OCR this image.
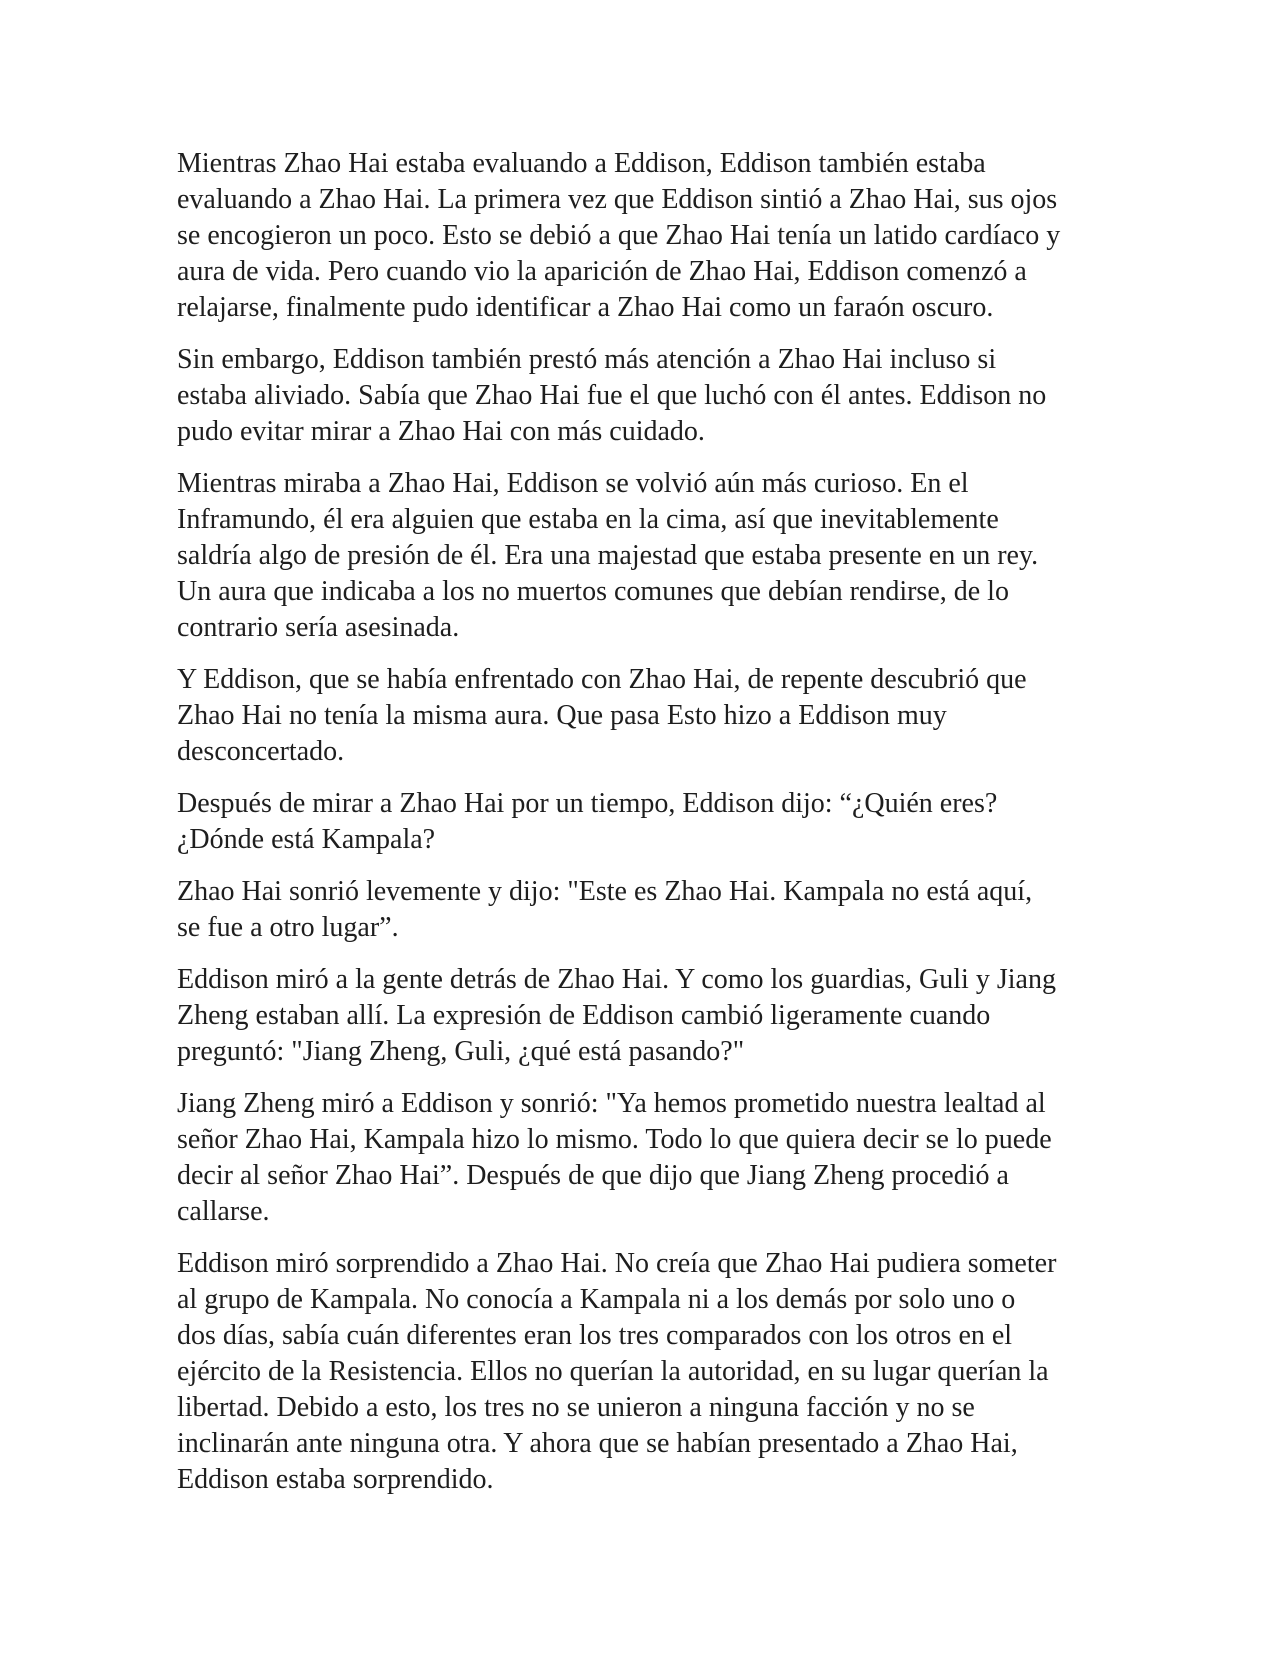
Mientras Zhao Hai estaba evaluando a Eddison, Eddison también estaba
evaluando a Zhao Hai. La primera vez que Eddison sintió a Zhao Hai, sus ojos
se encogieron un poco. Esto se debió a que Zhao Hai tenía un latido cardíaco y
aura de vida. Pero cuando vio la aparición de Zhao Hai, Eddison comenzó a
relajarse, finalmente pudo identificar a Zhao Hai como un faraón oscuro.

Sin embargo, Eddison también prestó más atención a Zhao Hai incluso si
estaba aliviado. Sabía que Zhao Hai fue el que luchó con él antes. Eddison no
pudo evitar mirar a Zhao Hai con más cuidado.

Mientras miraba a Zhao Hai, Eddison se volvió aún más curioso. En el
Inframundo, él era alguien que estaba en la cima, así que inevitablemente
saldría algo de presión de él. Era una majestad que estaba presente en un rey.
Un aura que indicaba a los no muertos comunes que debían rendirse, de lo
contrario sería asesinada.

Y Eddison, que se había enfrentado con Zhao Hai, de repente descubrió que
Zhao Hai no tenía la misma aura. Que pasa Esto hizo a Eddison muy
desconcertado.

Después de mirar a Zhao Hai por un tiempo, Eddison dijo: “¿Quién eres?
¿Dónde está Kampala?

Zhao Hai sonrió levemente y dijo: "Este es Zhao Hai. Kampala no está aquí,
se fue a otro lugar”.

Eddison miró a la gente detrás de Zhao Hai. Y como los guardias, Guli y Jiang
Zheng estaban allí. La expresión de Eddison cambió ligeramente cuando
preguntó: "Jiang Zheng, Guli, ¿qué está pasando?"

Jiang Zheng miró a Eddison y sonrió: "Ya hemos prometido nuestra lealtad al
señor Zhao Hai, Kampala hizo lo mismo. Todo lo que quiera decir se lo puede
decir al señor Zhao Hai”. Después de que dijo que Jiang Zheng procedió a
callarse.

Eddison miró sorprendido a Zhao Hai. No creía que Zhao Hai pudiera someter
al grupo de Kampala. No conocía a Kampala ni a los demás por solo uno o
dos días, sabía cuán diferentes eran los tres comparados con los otros en el
ejército de la Resistencia. Ellos no querían la autoridad, en su lugar querían la
libertad. Debido a esto, los tres no se unieron a ninguna facción y no se
inclinarán ante ninguna otra. Y ahora que se habían presentado a Zhao Hai,
Eddison estaba sorprendido.
